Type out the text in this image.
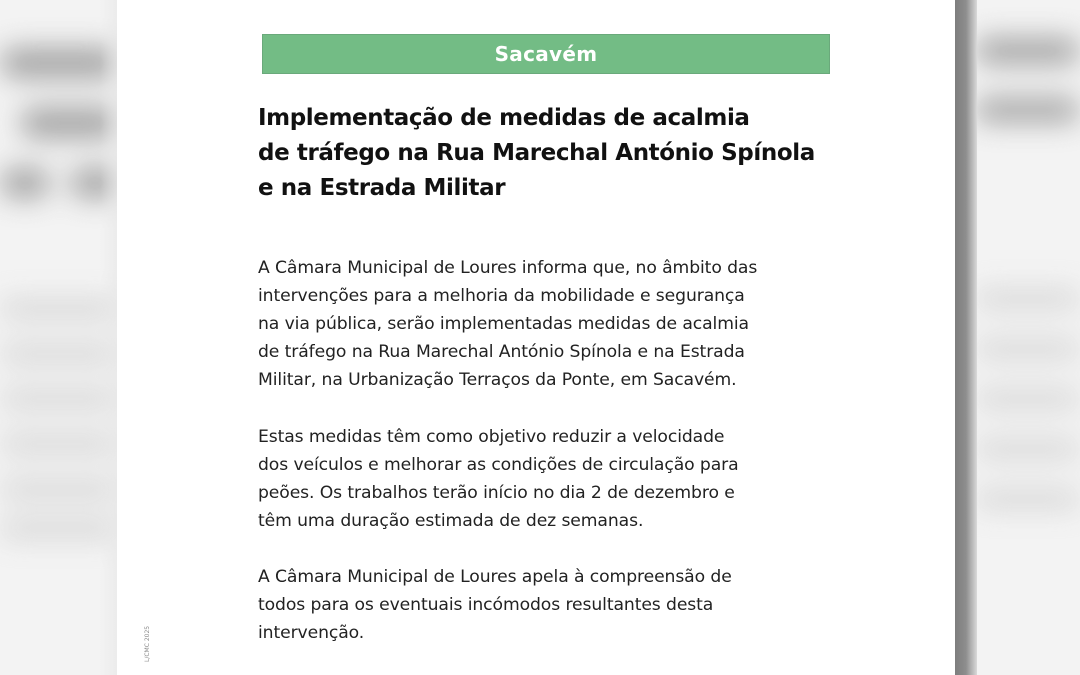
Sacavém
Implementação de medidas de acalmia
de tráfego na Rua Marechal António Spínola
e na Estrada Militar
A Câmara Municipal de Loures informa que, no âmbito das
intervenções para a melhoria da mobilidade e segurança
na via pública, serão implementadas medidas de acalmia
de tráfego na Rua Marechal António Spínola e na Estrada
Militar, na Urbanização Terraços da Ponte, em Sacavém.
Estas medidas têm como objetivo reduzir a velocidade
dos veículos e melhorar as condições de circulação para
peões. Os trabalhos terão início no dia 2 de dezembro e
têm uma duração estimada de dez semanas.
A Câmara Municipal de Loures apela à compreensão de
todos para os eventuais incómodos resultantes desta
intervenção.
L/CMC 2025
